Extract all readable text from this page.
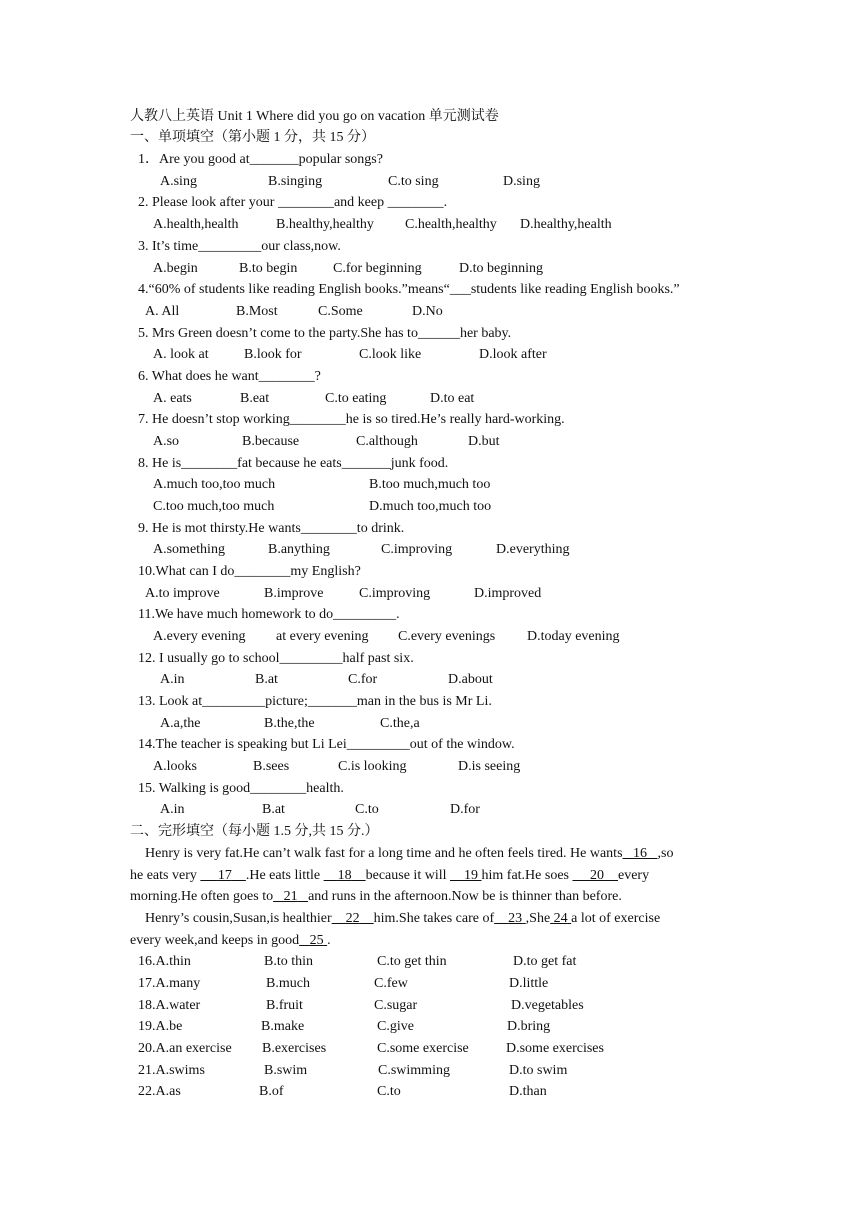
人教八上英语 Unit 1 Where did you go on vacation 单元测试卷
一、单项填空（第小题 1 分，共 15 分）
1．Are you good at_______popular songs?
A.sing	B.singing	C.to sing	D.sing
2. Please look after your ________and keep ________.
A.health,health	B.healthy,healthy C.health,healthy D.healthy,health
3. It’s time_________our class,now.
A.begin	B.to begin	C.for beginning	D.to beginning
4.“60% of students like reading English books.”means“___students like reading English books.”
A. All	B.Most	C.Some	D.No
5. Mrs Green doesn’t come to the party.She has to______her baby.
A. look at	B.look for	C.look like	D.look after
6. What does he want________?
A. eats	B.eat	C.to eating	D.to eat
7. He doesn’t stop working________he is so tired.He’s really hard-working.
A.so	B.because	C.although	D.but
8. He is________fat because he eats_______junk food.
A.much too,too much	B.too much,much too
C.too much,too much	D.much too,much too
9. He is mot thirsty.He wants________to drink.
A.something	B.anything	C.improving	D.everything
10.What can I do________my English?
A.to improve	B.improve	C.improving	D.improved
11.We have much homework to do_________.
A.every evening at every evening C.every evenings D.today evening
12. I usually go to school_________half past six.
A.in	B.at	C.for	D.about
13. Look at_________picture;_______man in the bus is Mr Li.
A.a,the	B.the,the	C.the,a
14.The teacher is speaking but Li Lei_________out of the window.
A.looks	B.sees	C.is looking	D.is seeing
15. Walking is good________health.
A.in	B.at	C.to	D.for
二、完形填空（每小题 1.5 分,共 15 分.）
Henry is very fat.He can’t walk fast for a long time and he often feels tired. He wants 16 ,so
he eats very 17 .He eats little 18 because it will 19 him fat.He soes 20 every
morning.He often goes to 21 and runs in the afternoon.Now be is thinner than before.
Henry’s cousin,Susan,is healthier 22 him.She takes care of 23 ,She 24 a lot of exercise
every week,and keeps in good 25 .
16.A.thin	B.to thin	C.to get thin	D.to get fat
17.A.many	B.much	C.few	D.little
18.A.water	B.fruit	C.sugar	D.vegetables
19.A.be	B.make	C.give	D.bring
20.A.an exercise B.exercises	C.some exercise	D.some exercises
21.A.swims	B.swim	C.swimming	D.to swim
22.A.as	B.of	C.to	D.than
